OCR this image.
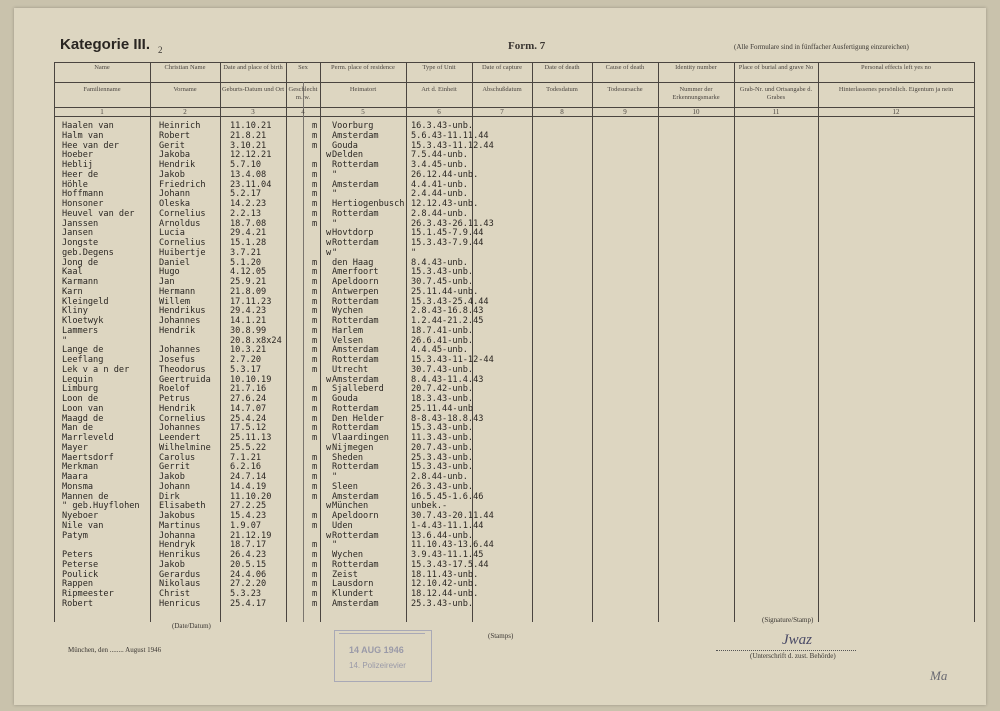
Kategorie III. 2	Form. 7	(Alle Formulare sind in fünffacher Ausfertigung einzureichen)
Name
Familienname
1
Christian Name
Vorname
2
Date and place of birth
Geburts-Datum und Ort
3
Sex
Geschlecht m. w.
4
Perm. place of residence
Heimatort
5
Type of Unit
Art d. Einheit
6
Date of capture
Abschußdatum
7
Date of death
Todesdatum
8
Cause of death
Todesursache
9
Identity number
Nummer der Erkennungsmarke
10
Place of burial and grave No
Grab-Nr. und Ortsangabe d. Grabes
11
Personal effects left yes no
Hinterlassenes persönlich. Eigentum ja nein
12
Haalen van
Halm van
Hee van der
Hoeber
Heblij
Heer de
Höhle
Hoffmann
Honsoner
Heuvel van der
Janssen
Jansen
Jongste
geb.Degens
Jong de
Kaal
Karmann
Karn
Kleingeld
Kliny
Kloetwyk
Lammers
"
Lange de
Leeflang
Lek v a n der
Lequin
Limburg
Loon de
Loon van
Maagd de
Man de
Marrleveld
Mayer
Maertsdorf
Merkman
Maara
Monsma
Mannen de
" geb.Huyflohen
Nyeboer
Nile van
Patym
Peters
Peterse
Poulick
Rappen
Ripmeester
Robert
Heinrich
Robert
Gerit
Jakoba
Hendrik
Jakob
Friedrich
Johann
Oleska
Cornelius
Arnoldus
Lucia
Cornelius
Huibertje
Daniel
Hugo
Jan
Hermann
Willem
Hendrikus
Johannes
Hendrik
Johannes
Josefus
Theodorus
Geertruida
Roelof
Petrus
Hendrik
Cornelius
Johannes
Leendert
Wilhelmine
Carolus
Gerrit
Jakob
Johann
Dirk
Elisabeth
Jakobus
Martinus
Johanna
Hendryk
Henrikus
Jakob
Gerardus
Nikolaus
Christ
Henricus
11.10.21
21.8.21
3.10.21
12.12.21
5.7.10
13.4.08
23.11.04
5.2.17
14.2.23
2.2.13
18.7.08
29.4.21
15.1.28
3.7.21
5.1.20
4.12.05
25.9.21
21.8.09
17.11.23
29.4.23
14.1.21
30.8.99
20.8.x8x24
10.3.21
2.7.20
5.3.17
10.10.19
21.7.16
27.6.24
14.7.07
25.4.24
17.5.12
25.11.13
25.5.22
7.1.21
6.2.16
24.7.14
14.4.19
11.10.20
27.2.25
15.4.23
1.9.07
21.12.19
18.7.17
26.4.23
20.5.15
24.4.06
27.2.20
5.3.23
25.4.17
m
m
m
w
m
m
m
m
m
m
m
w
w
w
m
m
m
m
m
m
m
m
m
m
m
m
w
m
m
m
m
m
m
w
m
m
m
m
m
w
m
m
w
m
m
m
m
m
m
m
Voorburg
Amsterdam
Gouda
Delden
Rotterdam
"
Amsterdam
"
Hertiogenbusch
Rotterdam
"
Hovtdorp
Rotterdam
"
den Haag
Amerfoort
Apeldoorn
Antwerpen
Rotterdam
Wychen
Rotterdam
Harlem
Velsen
Amsterdam
Rotterdam
Utrecht
Amsterdam
Sjalleberd
Gouda
Rotterdam
Den Helder
Rotterdam
Vlaardingen
Nijmegen
Sheden
Rotterdam
"
Sleen
Amsterdam
München
Apeldoorn
Uden
Rotterdam
"
Wychen
Rotterdam
Zeist
Lausdorn
Klundert
Amsterdam
16.3.43-unb.
5.6.43-11.11.44
15.3.43-11.12.44
7.5.44-unb.
3.4.45-unb.
26.12.44-unb.
4.4.41-unb.
2.4.44-unb.
12.12.43-unb.
2.8.44-unb.
26.3.43-26.11.43
15.1.45-7.9.44
15.3.43-7.9.44
"
8.4.43-unb.
15.3.43-unb.
30.7.45-unb.
25.11.44-unb.
15.3.43-25.4.44
2.8.43-16.8.43
1.2.44-21.2.45
18.7.41-unb.
26.6.41-unb.
4.4.45-unb.
15.3.43-11-12-44
30.7.43-unb.
8.4.43-11.4.43
20.7.42-unb.
18.3.43-unb.
25.11.44-unb
8-8.43-18.8.43
15.3.43-unb.
11.3.43-unb.
20.7.43-unb.
25.3.43-unb.
15.3.43-unb.
2.8.44-unb.
26.3.43-unb.
16.5.45-1.6.46
unbek.-
30.7.43-20.11.44
1-4.43-11.1.44
13.6.44-unb.
11.10.43-13.6.44
3.9.43-11.1.45
15.3.43-17.5.44
18.11.43-unb.
12.10.42-unb.
18.12.44-unb.
25.3.43-unb.
(Date/Datum)
München, den ........ August 1946
(Stamps)
14 AUG 1946
14. Polizeirevier
(Signature/Stamp)
Jwaz
(Unterschrift d. zust. Behörde)
Ma
